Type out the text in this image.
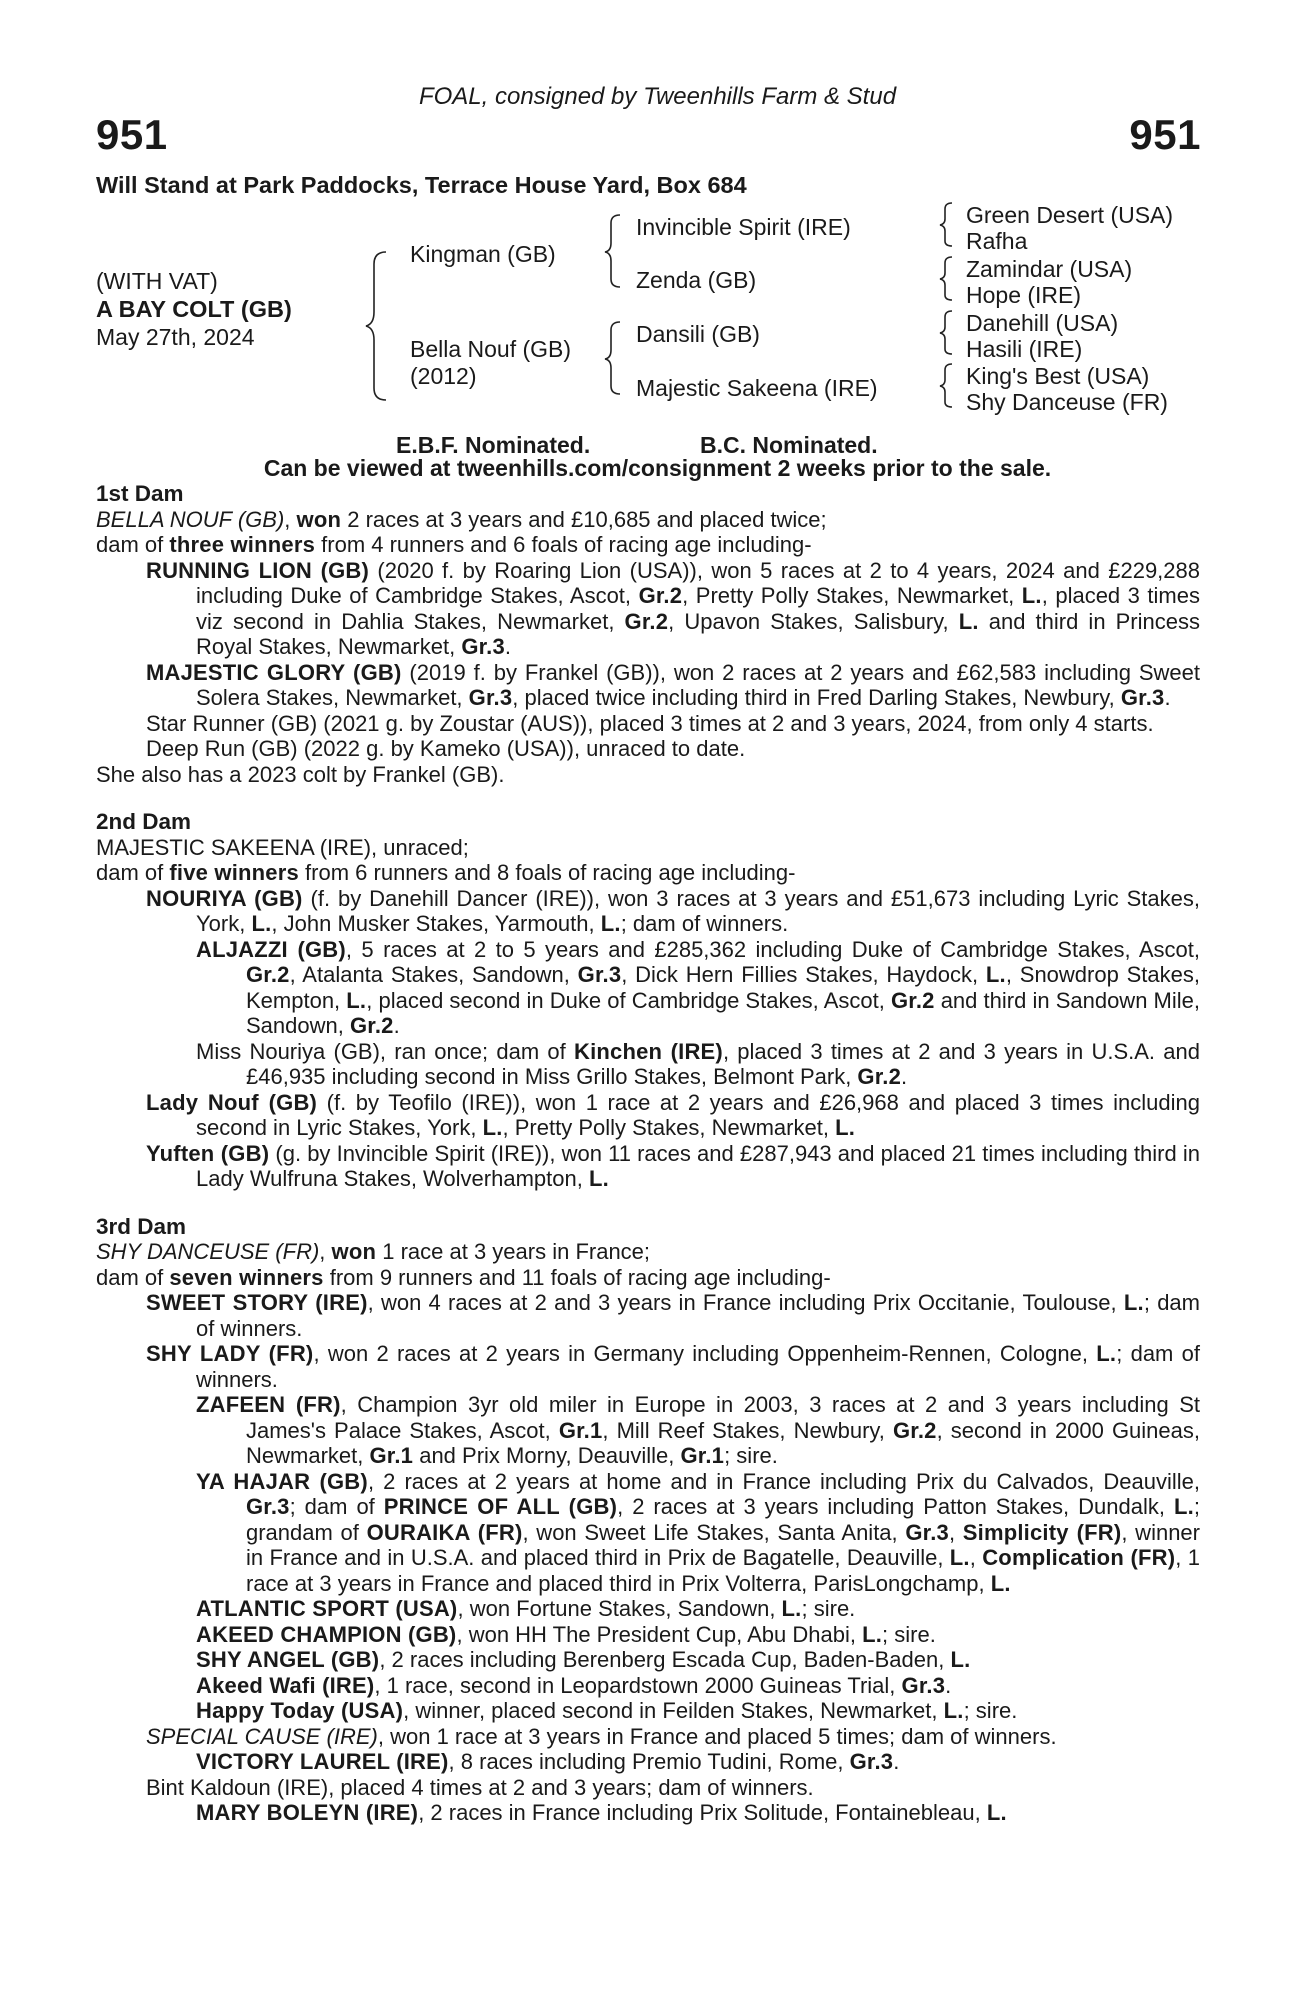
FOAL, consigned by Tweenhills Farm & Stud
951	951
Will Stand at Park Paddocks, Terrace House Yard, Box 684
(WITH VAT)
A BAY COLT (GB)
May 27th, 2024
Kingman (GB)
Bella Nouf (GB)
(2012)
Invincible Spirit (IRE)
Zenda (GB)
Dansili (GB)
Majestic Sakeena (IRE)
Green Desert (USA)
Rafha
Zamindar (USA)
Hope (IRE)
Danehill (USA)
Hasili (IRE)
King's Best (USA)
Shy Danceuse (FR)
E.B.F. Nominated.	B.C. Nominated.
Can be viewed at tweenhills.com/consignment 2 weeks prior to the sale.

1st Dam

BELLA NOUF (GB), won 2 races at 3 years and £10,685 and placed twice;

dam of three winners from 4 runners and 6 foals of racing age including-

RUNNING LION (GB) (2020 f. by Roaring Lion (USA)), won 5 races at 2 to 4 years, 2024 and £229,288 including Duke of Cambridge Stakes, Ascot, Gr.2, Pretty Polly Stakes, Newmarket, L., placed 3 times viz second in Dahlia Stakes, Newmarket, Gr.2, Upavon Stakes, Salisbury, L. and third in Princess Royal Stakes, Newmarket, Gr.3.

MAJESTIC GLORY (GB) (2019 f. by Frankel (GB)), won 2 races at 2 years and £62,583 including Sweet Solera Stakes, Newmarket, Gr.3, placed twice including third in Fred Darling Stakes, Newbury, Gr.3.

Star Runner (GB) (2021 g. by Zoustar (AUS)), placed 3 times at 2 and 3 years, 2024, from only 4 starts.

Deep Run (GB) (2022 g. by Kameko (USA)), unraced to date.

She also has a 2023 colt by Frankel (GB).

2nd Dam

MAJESTIC SAKEENA (IRE), unraced;

dam of five winners from 6 runners and 8 foals of racing age including-

NOURIYA (GB) (f. by Danehill Dancer (IRE)), won 3 races at 3 years and £51,673 including Lyric Stakes, York, L., John Musker Stakes, Yarmouth, L.; dam of winners.

ALJAZZI (GB), 5 races at 2 to 5 years and £285,362 including Duke of Cambridge Stakes, Ascot, Gr.2, Atalanta Stakes, Sandown, Gr.3, Dick Hern Fillies Stakes, Haydock, L., Snowdrop Stakes, Kempton, L., placed second in Duke of Cambridge Stakes, Ascot, Gr.2 and third in Sandown Mile, Sandown, Gr.2.

Miss Nouriya (GB), ran once; dam of Kinchen (IRE), placed 3 times at 2 and 3 years in U.S.A. and £46,935 including second in Miss Grillo Stakes, Belmont Park, Gr.2.

Lady Nouf (GB) (f. by Teofilo (IRE)), won 1 race at 2 years and £26,968 and placed 3 times including second in Lyric Stakes, York, L., Pretty Polly Stakes, Newmarket, L.

Yuften (GB) (g. by Invincible Spirit (IRE)), won 11 races and £287,943 and placed 21 times including third in Lady Wulfruna Stakes, Wolverhampton, L.

3rd Dam

SHY DANCEUSE (FR), won 1 race at 3 years in France;

dam of seven winners from 9 runners and 11 foals of racing age including-

SWEET STORY (IRE), won 4 races at 2 and 3 years in France including Prix Occitanie, Toulouse, L.; dam of winners.

SHY LADY (FR), won 2 races at 2 years in Germany including Oppenheim-Rennen, Cologne, L.; dam of winners.

ZAFEEN (FR), Champion 3yr old miler in Europe in 2003, 3 races at 2 and 3 years including St James's Palace Stakes, Ascot, Gr.1, Mill Reef Stakes, Newbury, Gr.2, second in 2000 Guineas, Newmarket, Gr.1 and Prix Morny, Deauville, Gr.1; sire.

YA HAJAR (GB), 2 races at 2 years at home and in France including Prix du Calvados, Deauville, Gr.3; dam of PRINCE OF ALL (GB), 2 races at 3 years including Patton Stakes, Dundalk, L.; grandam of OURAIKA (FR), won Sweet Life Stakes, Santa Anita, Gr.3, Simplicity (FR), winner in France and in U.S.A. and placed third in Prix de Bagatelle, Deauville, L., Complication (FR), 1 race at 3 years in France and placed third in Prix Volterra, ParisLongchamp, L.

ATLANTIC SPORT (USA), won Fortune Stakes, Sandown, L.; sire.

AKEED CHAMPION (GB), won HH The President Cup, Abu Dhabi, L.; sire.

SHY ANGEL (GB), 2 races including Berenberg Escada Cup, Baden-Baden, L.

Akeed Wafi (IRE), 1 race, second in Leopardstown 2000 Guineas Trial, Gr.3.

Happy Today (USA), winner, placed second in Feilden Stakes, Newmarket, L.; sire.

SPECIAL CAUSE (IRE), won 1 race at 3 years in France and placed 5 times; dam of winners.

VICTORY LAUREL (IRE), 8 races including Premio Tudini, Rome, Gr.3.

Bint Kaldoun (IRE), placed 4 times at 2 and 3 years; dam of winners.

MARY BOLEYN (IRE), 2 races in France including Prix Solitude, Fontainebleau, L.
